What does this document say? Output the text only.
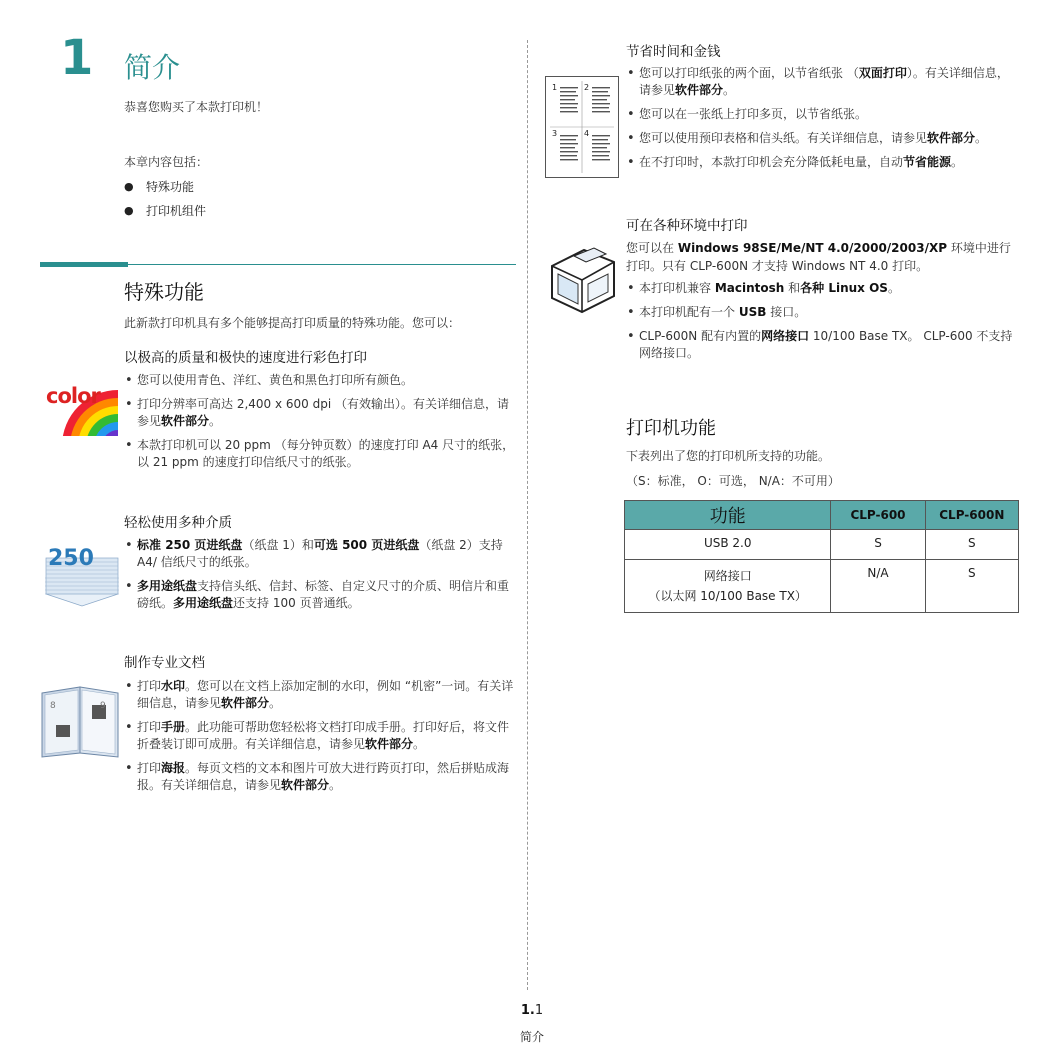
1 简介
恭喜您购买了本款打印机！
本章内容包括：
● 特殊功能
● 打印机组件
特殊功能
此新款打印机具有多个能够提高打印质量的特殊功能。您可以：
以极高的质量和极快的速度进行彩色打印
color
• 您可以使用青色、洋红、黄色和黑色打印所有颜色。
• 打印分辨率可高达 2,400 x 600 dpi （有效输出）。有关详细信息，请参见软件部分。
• 本款打印机可以 20 ppm （每分钟页数）的速度打印 A4 尺寸的纸张，以 21 ppm 的速度打印信纸尺寸的纸张。
轻松使用多种介质
250
• 标准 250 页进纸盘（纸盘 1）和可选 500 页进纸盘（纸盘 2）支持 A4/ 信纸尺寸的纸张。
• 多用途纸盘支持信头纸、信封、标签、自定义尺寸的介质、明信片和重磅纸。多用途纸盘还支持 100 页普通纸。
制作专业文档
8	9
• 打印水印。您可以在文档上添加定制的水印，例如 “机密”一词。有关详细信息，请参见软件部分。
• 打印手册。此功能可帮助您轻松将文档打印成手册。打印好后，将文件折叠装订即可成册。有关详细信息，请参见软件部分。
• 打印海报。每页文档的文本和图片可放大进行跨页打印，然后拼贴成海报。有关详细信息，请参见软件部分。
节省时间和金钱
1	2
3	4
• 您可以打印纸张的两个面，以节省纸张 （双面打印）。有关详细信息，请参见软件部分。
• 您可以在一张纸上打印多页，以节省纸张。
• 您可以使用预印表格和信头纸。有关详细信息，请参见软件部分。
• 在不打印时，本款打印机会充分降低耗电量，自动节省能源。
可在各种环境中打印
您可以在 Windows 98SE/Me/NT 4.0/2000/2003/XP 环境中进行打印。只有 CLP-600N 才支持 Windows NT 4.0 打印。
• 本打印机兼容 Macintosh 和各种 Linux OS。
• 本打印机配有一个 USB 接口。
• CLP-600N 配有内置的网络接口 10/100 Base TX。 CLP-600 不支持网络接口。
打印机功能
下表列出了您的打印机所支持的功能。
（S：标准， O：可选， N/A：不可用）
功能	CLP-600	CLP-600N
USB 2.0	S	S

网络接口
（以太网 10/100 Base TX）	N/A	S
1.1
简介
